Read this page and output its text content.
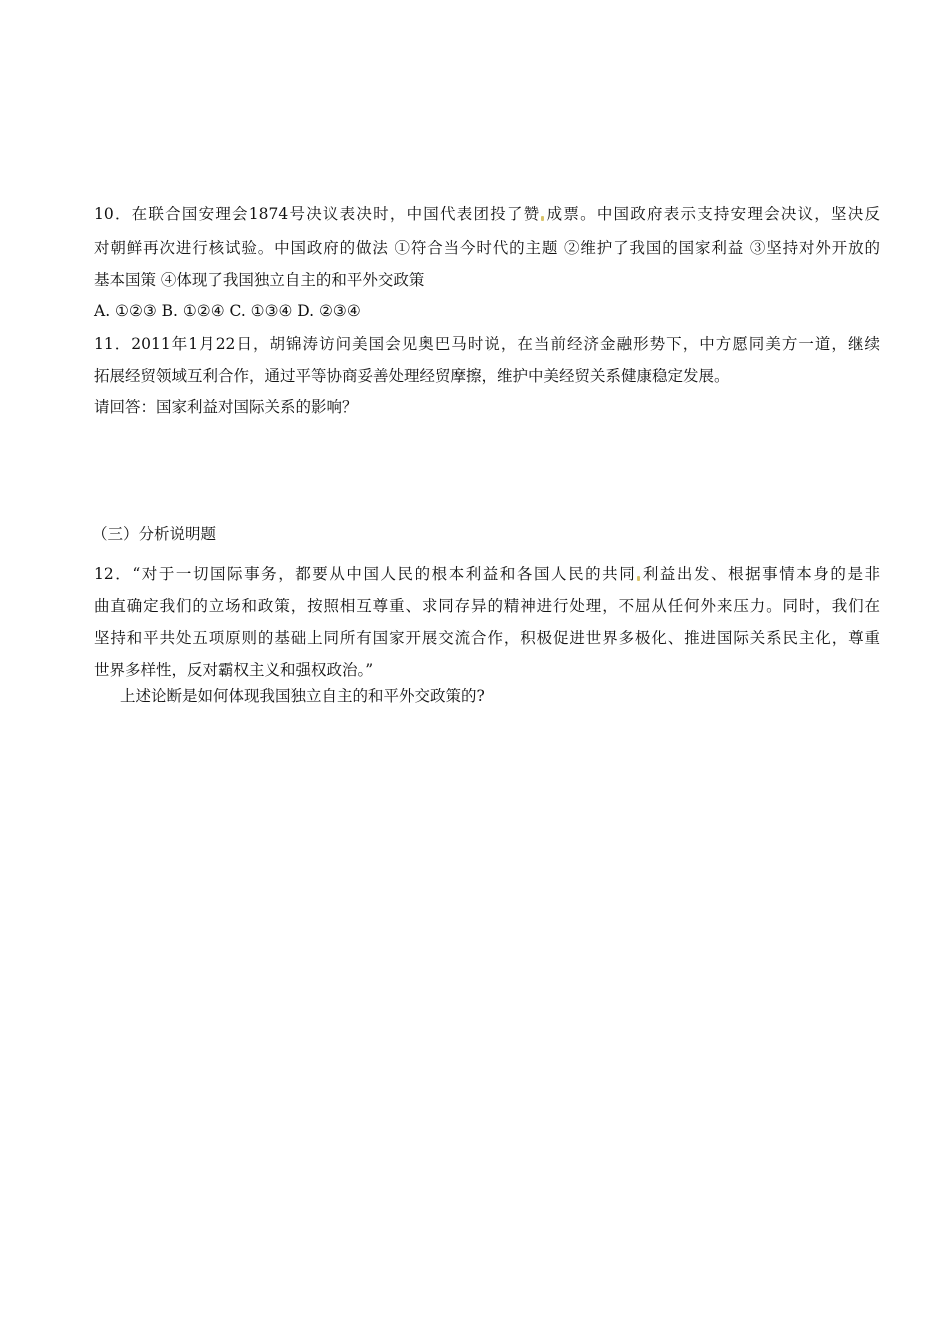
10．在联合国安理会1874号决议表决时，中国代表团投了赞 成票。中国政府表示支持安理会决议，坚决反
对朝鲜再次进行核试验。中国政府的做法 ①符合当今时代的主题 ②维护了我国的国家利益 ③坚持对外开放的
基本国策 ④体现了我国独立自主的和平外交政策
A. ①②③ B. ①②④ C. ①③④ D. ②③④
11．2011年1月22日，胡锦涛访问美国会见奥巴马时说，在当前经济金融形势下，中方愿同美方一道，继续
拓展经贸领域互利合作，通过平等协商妥善处理经贸摩擦，维护中美经贸关系健康稳定发展。
请回答：国家利益对国际关系的影响？
（三）分析说明题
12．“对于一切国际事务，都要从中国人民的根本利益和各国人民的共同 利益出发、根据事情本身的是非
曲直确定我们的立场和政策，按照相互尊重、求同存异的精神进行处理，不屈从任何外来压力。同时，我们在
坚持和平共处五项原则的基础上同所有国家开展交流合作，积极促进世界多极化、推进国际关系民主化，尊重
世界多样性，反对霸权主义和强权政治。”
上述论断是如何体现我国独立自主的和平外交政策的?
